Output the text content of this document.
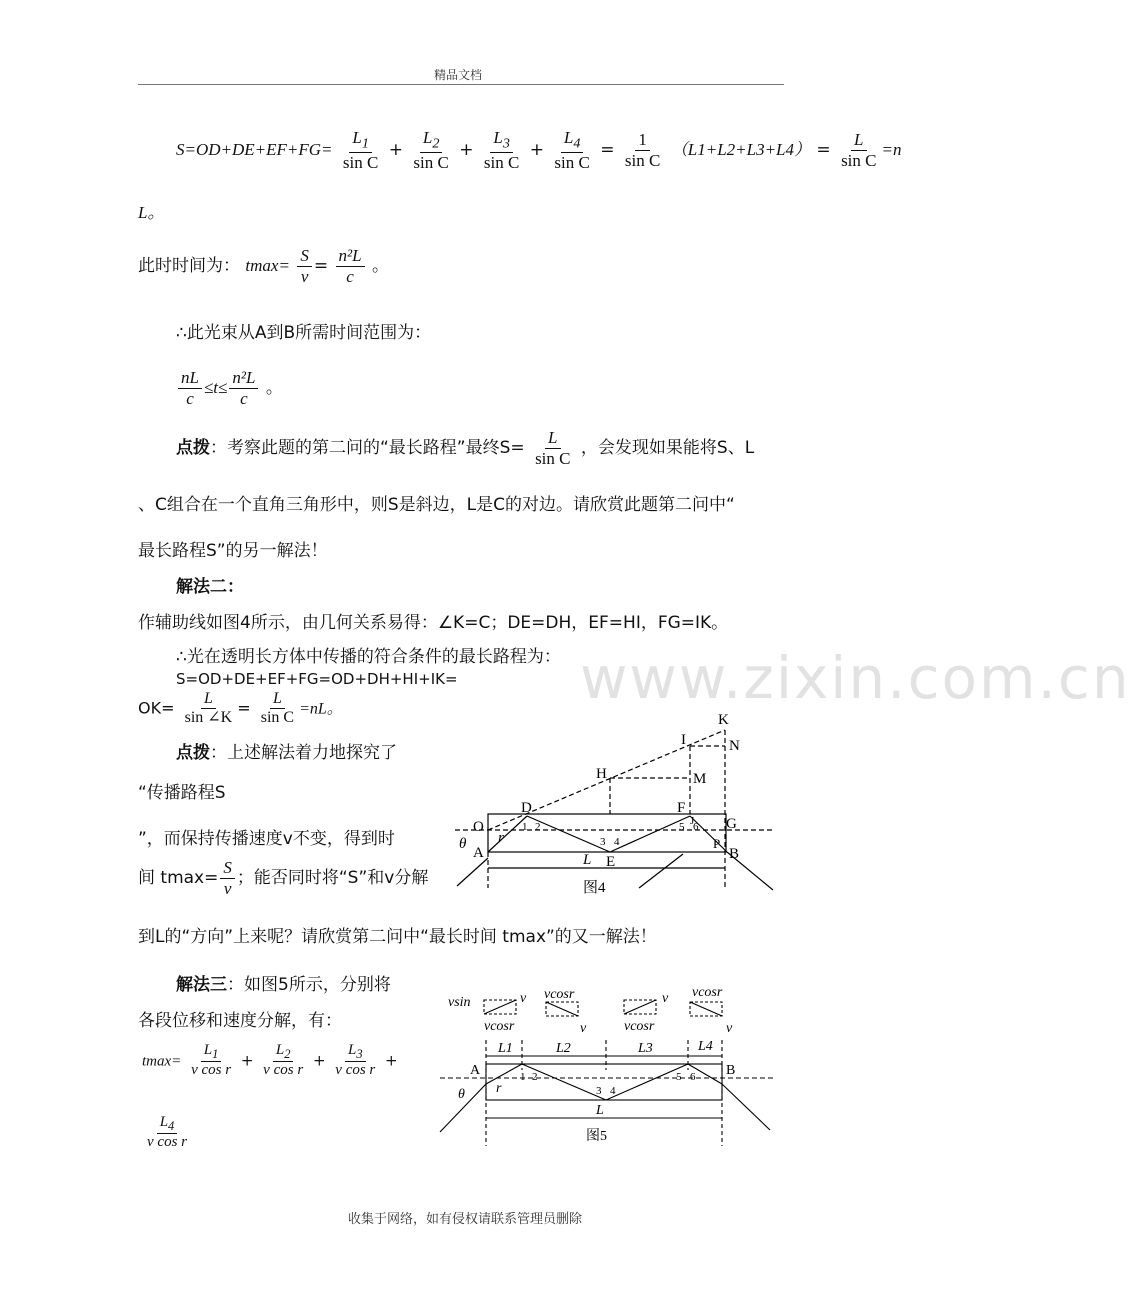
精品文档
$S=OD+DE+EF+FG= \frac{L_1}{\text{sin C}} + \frac{L_2}{\text{sin C}} + \frac{L_3}{\text{sin C}} + \frac{L_4}{\text{sin C}} = \frac{1}{\text{sin C}} (L1+L2+L3+L4) = \frac{L}{\text{sin C}} =n$
L。
此时时间为： $tmax= \frac{S}{v} = \frac{\text{n²L}}{c}$ 。
∴此光束从A到B所需时间范围为：
$\frac{nL}{c} \le t\le \frac{\text{n²L}}{c}$ 。
点拨：考察此题的第二问的“最长路程”最终$S= \frac{L}{\text{sin C}}$ ，会发现如果能将S、L
、C组合在一个直角三角形中，则S是斜边，L是C的对边。请欣赏此题第二问中“
最长路程S”的另一解法！
解法二：
作辅助线如图4所示，由几何关系易得：∠K=C；DE=DH，EF=HI，FG=IK。
∴光在透明长方体中传播的符合条件的最长路程为：
S=OD+DE+EF+FG=OD+DH+HI+IK=
$OK= \frac{L}{\sin \angle K} = \frac{L}{\text{sin C}} =nL$。
点拨：上述解法着力地探究了
“传播路程S
”，而保持传播速度v不变，得到时
间 $tmax= \frac{S}{v}$ ；能否同时将“S”和v分解
到L的“方向”上来呢？请欣赏第二问中“最长时间 tmax”的又一解法！
解法三：如图5所示，分别将
各段位移和速度分解，有：
$tmax= \frac{L_1}{\text{v cos r}} + \frac{L_2}{\text{v cos r}} + \frac{L_3}{\text{v cos r}}$ +
$\frac{L_4}{\text{v cos r}}$
www.zixin.com.cn
K
I	N
H	M
D	F
J G
O
r
θ
A
E
L
P
B
1 2
3 4
5 6
图4
vsin	v
vcosr
vcosr
v	vcosr
v vcosr
v
L1	L2	L3	L4
A	B
r
θ
1 2
3 4
5 6
L
图5
收集于网络，如有侵权请联系管理员删除
